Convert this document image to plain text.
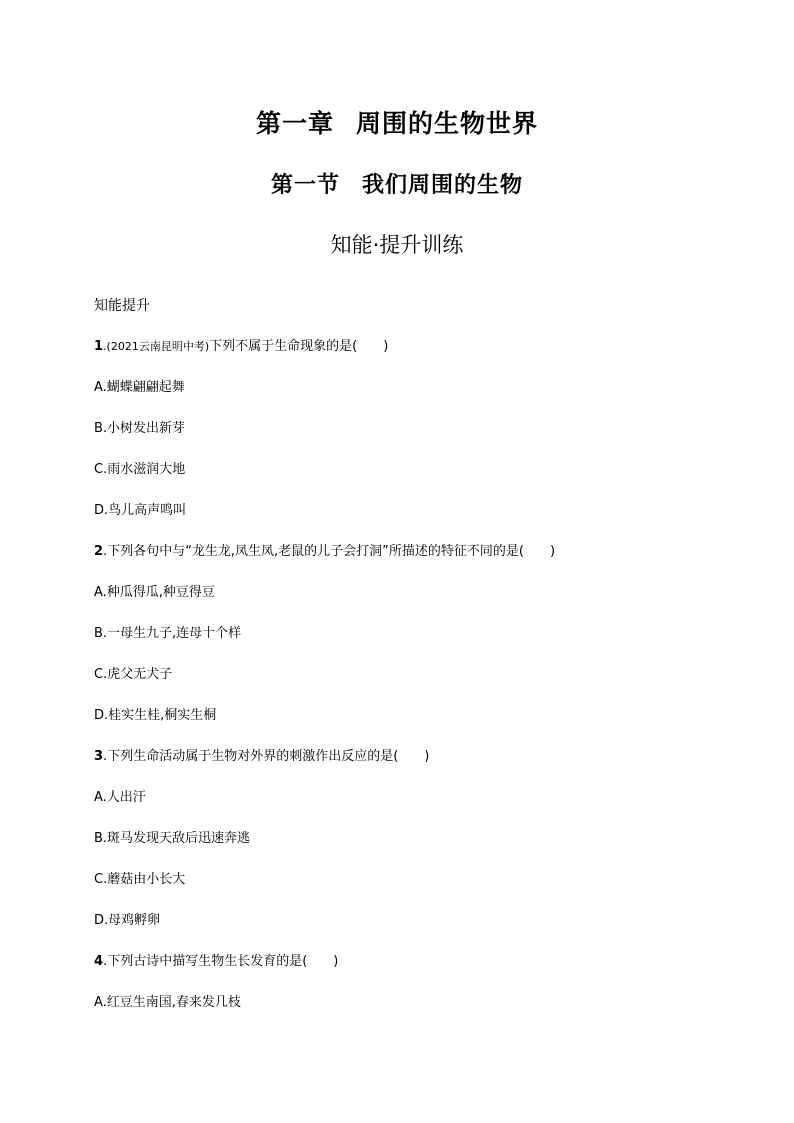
第一章 周围的生物世界
第一节 我们周围的生物
知能·提升训练
知能提升
1.(2021云南昆明中考)下列不属于生命现象的是(　　)
A.蝴蝶翩翩起舞
B.小树发出新芽
C.雨水滋润大地
D.鸟儿高声鸣叫
2.下列各句中与“龙生龙,凤生凤,老鼠的儿子会打洞”所描述的特征不同的是(　　)
A.种瓜得瓜,种豆得豆
B.一母生九子,连母十个样
C.虎父无犬子
D.桂实生桂,桐实生桐
3.下列生命活动属于生物对外界的刺激作出反应的是(　　)
A.人出汗
B.斑马发现天敌后迅速奔逃
C.蘑菇由小长大
D.母鸡孵卵
4.下列古诗中描写生物生长发育的是(　　)
A.红豆生南国,春来发几枝
